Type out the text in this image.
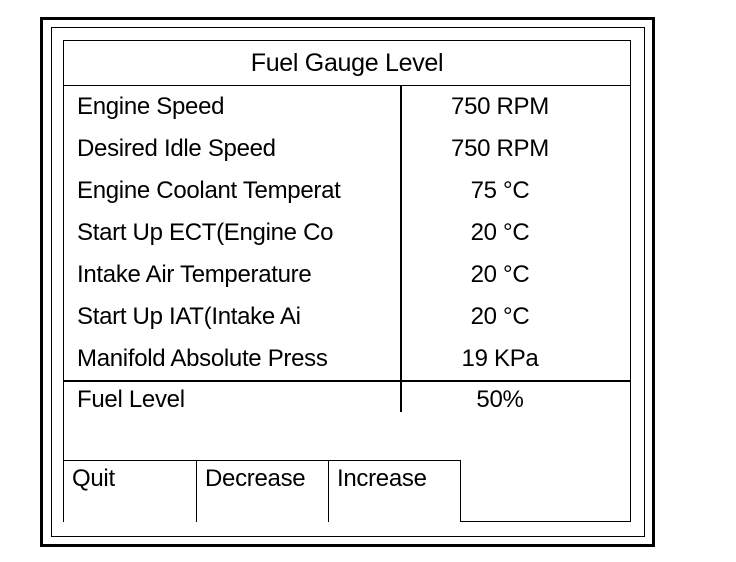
Fuel Gauge Level
Engine Speed	750 RPM
Desired Idle Speed	750 RPM
Engine Coolant Temperat	75 °C
Start Up ECT(Engine Co	20 °C
Intake Air Temperature	20 °C
Start Up IAT(Intake Ai	20 °C
Manifold Absolute Press	19 KPa
Fuel Level	50%
Quit	Decrease	Increase
